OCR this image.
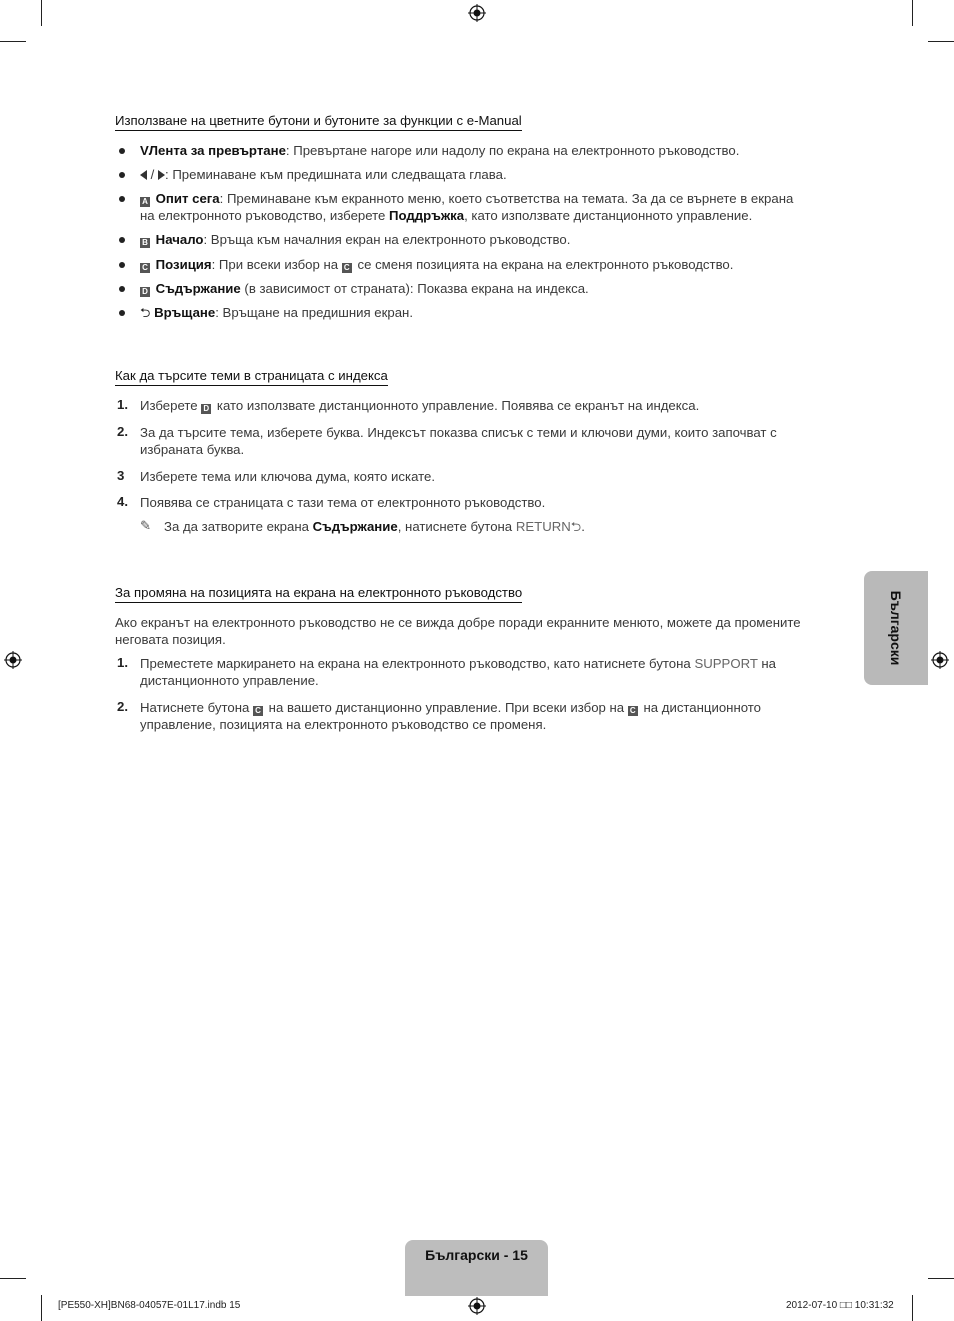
Използване на цветните бутони и бутоните за функции с e-Manual
VЛента за превъртане: Превъртане нагоре или надолу по екрана на електронното ръководство.
/ : Преминаване към предишната или следващата глава.
A Опит сега: Преминаване към екранното меню, което съответства на темата. За да се върнете в екрана
на електронното ръководство, изберете Поддръжка, като използвате дистанционното управление.
B Начало: Връща към началния екран на електронното ръководство.
C Позиция: При всеки избор на C се сменя позицията на екрана на електронното ръководство.
D Съдържание (в зависимост от страната): Показва екрана на индекса.
⮌ Връщане: Връщане на предишния екран.
Как да търсите теми в страницата с индекса
1. Изберете D като използвате дистанционното управление. Появява се екранът на индекса.
2. За да търсите тема, изберете буква. Индексът показва списък с теми и ключови думи, които започват с
избраната буква.
3 Изберете тема или ключова дума, която искате.
4. Появява се страницата с тази тема от електронното ръководство.
✎ За да затворите екрана Съдържание, натиснете бутона RETURN⮌.
За промяна на позицията на екрана на електронното ръководство
Ако екранът на електронното ръководство не се вижда добре поради екранните менюто, можете да промените
неговата позиция.
1. Преместете маркирането на екрана на електронното ръководство, като натиснете бутона SUPPORT на
дистанционното управление.
2. Натиснете бутона C на вашето дистанционно управление. При всеки избор на C на дистанционното
управление, позицията на електронното ръководство се променя.
Български
Български - 15
[PE550-XH]BN68-04057E-01L17.indb 15	2012-07-10 □□ 10:31:32
